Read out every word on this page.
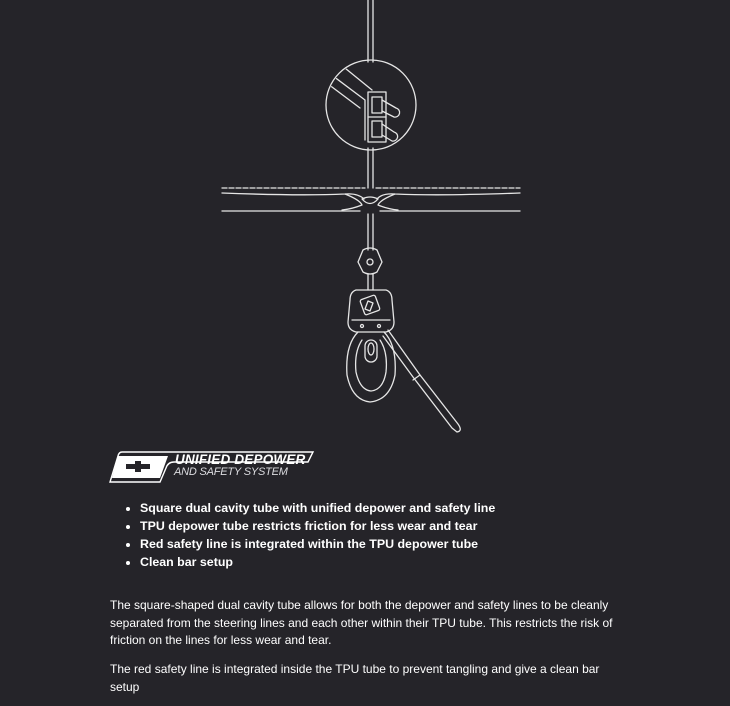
UNIFIED DEPOWER
AND SAFETY SYSTEM
• Square dual cavity tube with unified depower and safety line
• TPU depower tube restricts friction for less wear and tear
• Red safety line is integrated within the TPU depower tube
• Clean bar setup

The square-shaped dual cavity tube allows for both the depower and safety lines to be cleanly separated from the steering lines and each other within their TPU tube. This restricts the risk of friction on the lines for less wear and tear.

The red safety line is integrated inside the TPU tube to prevent tangling and give a clean bar setup
